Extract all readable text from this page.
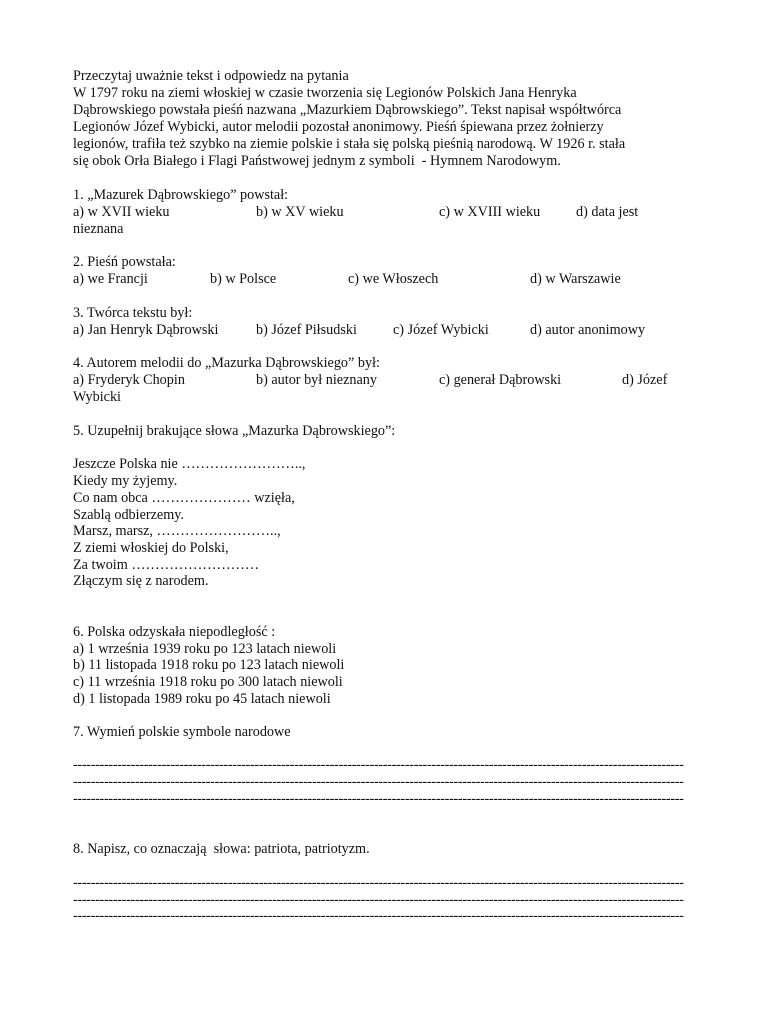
Przeczytaj uważnie tekst i odpowiedz na pytania
W 1797 roku na ziemi włoskiej w czasie tworzenia się Legionów Polskich Jana Henryka
Dąbrowskiego powstała pieśń nazwana „Mazurkiem Dąbrowskiego”. Tekst napisał współtwórca
Legionów Józef Wybicki, autor melodii pozostał anonimowy. Pieśń śpiewana przez żołnierzy
legionów, trafiła też szybko na ziemie polskie i stała się polską pieśnią narodową. W 1926 r. stała
się obok Orła Białego i Flagi Państwowej jednym z symboli  - Hymnem Narodowym.
1. „Mazurek Dąbrowskiego” powstał:
a) w XVII wieku	b) w XV wieku	c) w XVIII wieku	d) data jest
nieznana
2. Pieśń powstała:
a) we Francji	b) w Polsce	c) we Włoszech	d) w Warszawie
3. Twórca tekstu był:
a) Jan Henryk Dąbrowski	b) Józef Piłsudski	c) Józef Wybicki	d) autor anonimowy
4. Autorem melodii do „Mazurka Dąbrowskiego” był:
a) Fryderyk Chopin	b) autor był nieznany	c) generał Dąbrowski	d) Józef
Wybicki
5. Uzupełnij brakujące słowa „Mazurka Dąbrowskiego”:
Jeszcze Polska nie ……………………..,
Kiedy my żyjemy.
Co nam obca ………………… wzięła,
Szablą odbierzemy.
Marsz, marsz, ……………………..,
Z ziemi włoskiej do Polski,
Za twoim ………………………
Złączym się z narodem.
6. Polska odzyskała niepodległość :
a) 1 września 1939 roku po 123 latach niewoli
b) 11 listopada 1918 roku po 123 latach niewoli
c) 11 września 1918 roku po 300 latach niewoli
d) 1 listopada 1989 roku po 45 latach niewoli
7. Wymień polskie symbole narodowe
------------------------------------------------------------------------------------------------------------------------------------------
------------------------------------------------------------------------------------------------------------------------------------------
------------------------------------------------------------------------------------------------------------------------------------------
8. Napisz, co oznaczają  słowa: patriota, patriotyzm.
------------------------------------------------------------------------------------------------------------------------------------------
------------------------------------------------------------------------------------------------------------------------------------------
------------------------------------------------------------------------------------------------------------------------------------------
